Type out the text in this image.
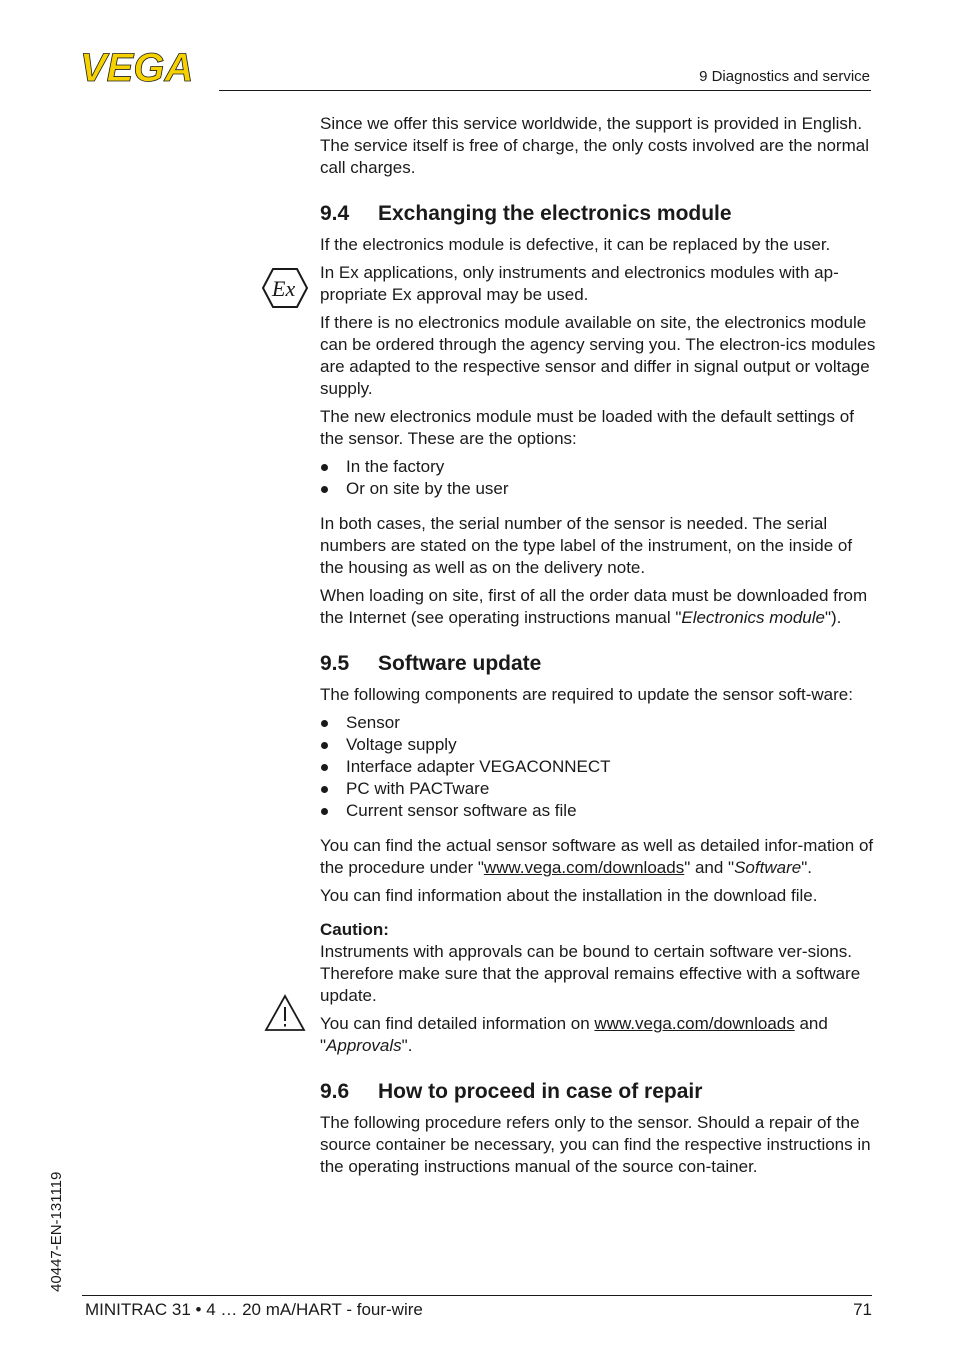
VEGA	9 Diagnostics and service
Ex

Since we offer this service worldwide, the support is provided in English. The service itself is free of charge, the only costs involved are the normal call charges.

9.4 Exchanging the electronics module

If the electronics module is defective, it can be replaced by the user.

In Ex applications, only instruments and electronics modules with ap-propriate Ex approval may be used.

If there is no electronics module available on site, the electronics module can be ordered through the agency serving you. The electron-ics modules are adapted to the respective sensor and differ in signal output or voltage supply.

The new electronics module must be loaded with the default settings of the sensor. These are the options:

In the factory
Or on site by the user

In both cases, the serial number of the sensor is needed. The serial numbers are stated on the type label of the instrument, on the inside of the housing as well as on the delivery note.

When loading on site, first of all the order data must be downloaded from the Internet (see operating instructions manual "Electronics module").

9.5 Software update

The following components are required to update the sensor soft-ware:

Sensor
Voltage supply
Interface adapter VEGACONNECT
PC with PACTware
Current sensor software as file

You can find the actual sensor software as well as detailed infor-mation of the procedure under "www.vega.com/downloads" and "Software".

You can find information about the installation in the download file.

Caution:

Instruments with approvals can be bound to certain software ver-sions. Therefore make sure that the approval remains effective with a software update.

You can find detailed information on www.vega.com/downloads and "Approvals".

9.6 How to proceed in case of repair

The following procedure refers only to the sensor. Should a repair of the source container be necessary, you can find the respective instructions in the operating instructions manual of the source con-tainer.

40447-EN-131119
MINITRAC 31 • 4 … 20 mA/HART - four-wire	71
